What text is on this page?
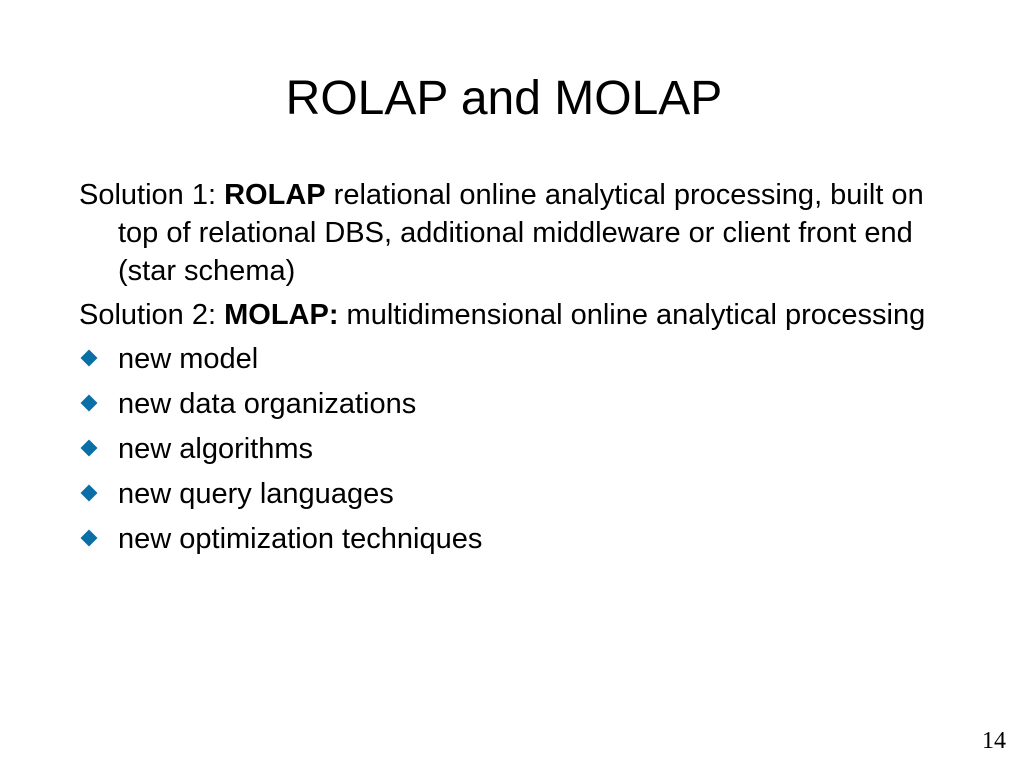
ROLAP and MOLAP
Solution 1: ROLAP relational online analytical processing, built on top of relational DBS, additional middleware or client front end (star schema)
Solution 2: MOLAP: multidimensional online analytical processing
new model
new data organizations
new algorithms
new query languages
new optimization techniques
14
